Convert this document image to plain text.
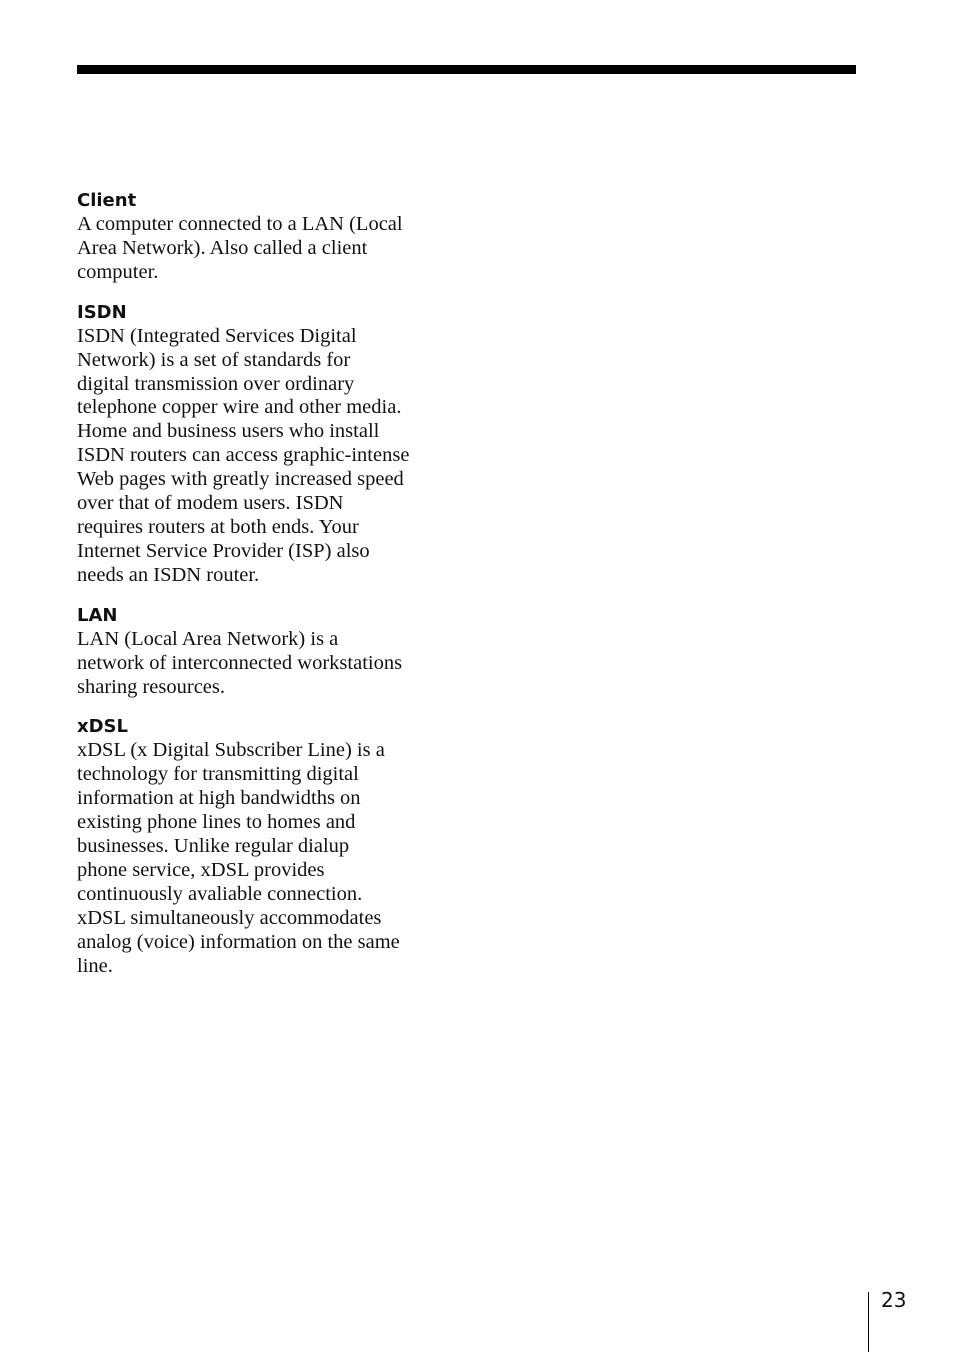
Client

A computer connected to a LAN (Local
Area Network). Also called a client
computer.

ISDN

ISDN (Integrated Services Digital
Network) is a set of standards for
digital transmission over ordinary
telephone copper wire and other media.
Home and business users who install
ISDN routers can access graphic-intense
Web pages with greatly increased speed
over that of modem users. ISDN
requires routers at both ends. Your
Internet Service Provider (ISP) also
needs an ISDN router.

LAN

LAN (Local Area Network) is a
network of interconnected workstations
sharing resources.

xDSL

xDSL (x Digital Subscriber Line) is a
technology for transmitting digital
information at high bandwidths on
existing phone lines to homes and
businesses. Unlike regular dialup
phone service, xDSL provides
continuously avaliable connection.
xDSL simultaneously accommodates
analog (voice) information on the same
line.

23
